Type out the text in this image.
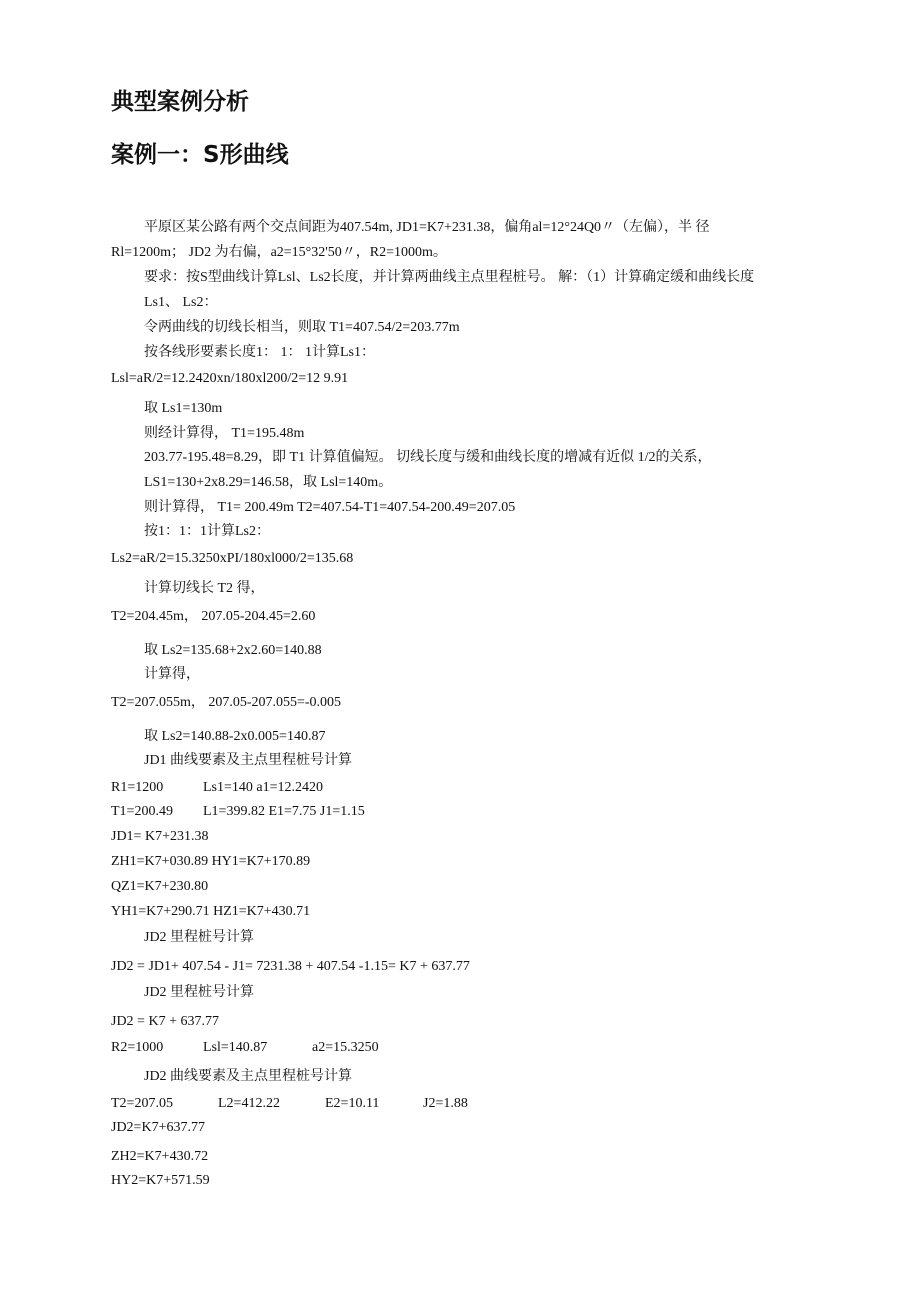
典型案例分析
案例一：S形曲线
平原区某公路有两个交点间距为407.54m, JD1=K7+231.38，偏角al=12°24Q0〃（左偏），半 径
Rl=1200m； JD2 为右偏，a2=15°32'50〃，R2=1000m。
要求：按S型曲线计算Lsl、Ls2长度，并计算两曲线主点里程桩号。 解：（1）计算确定缓和曲线长度
Ls1、 Ls2：
令两曲线的切线长相当，则取 T1=407.54/2=203.77m
按各线形要素长度1： 1： 1计算Ls1：
Lsl=aR/2=12.2420xn/180xl200/2=12 9.91
取 Ls1=130m
则经计算得， T1=195.48m
203.77-195.48=8.29，即 T1 计算值偏短。 切线长度与缓和曲线长度的增减有近似 1/2的关系，
LS1=130+2x8.29=146.58，取 Lsl=140m。
则计算得， T1= 200.49m T2=407.54-T1=407.54-200.49=207.05
按1：1：1计算Ls2：
Ls2=aR/2=15.3250xPI/180xl000/2=135.68
计算切线长 T2 得，
T2=204.45m， 207.05-204.45=2.60
取 Ls2=135.68+2x2.60=140.88
计算得，
T2=207.055m， 207.05-207.055=-0.005
取 Ls2=140.88-2x0.005=140.87
JD1 曲线要素及主点里程桩号计算
R1=1200	Ls1=140 a1=12.2420
T1=200.49 L1=399.82 E1=7.75 J1=1.15
JD1= K7+231.38
ZH1=K7+030.89 HY1=K7+170.89
QZ1=K7+230.80
YH1=K7+290.71 HZ1=K7+430.71
JD2 里程桩号计算
JD2 = JD1+ 407.54 - J1= 7231.38 + 407.54 -1.15= K7 + 637.77
JD2 里程桩号计算
JD2 = K7 + 637.77
R2=1000	Lsl=140.87	a2=15.3250
JD2 曲线要素及主点里程桩号计算
T2=207.05	L2=412.22	E2=10.11	J2=1.88
JD2=K7+637.77
ZH2=K7+430.72
HY2=K7+571.59
